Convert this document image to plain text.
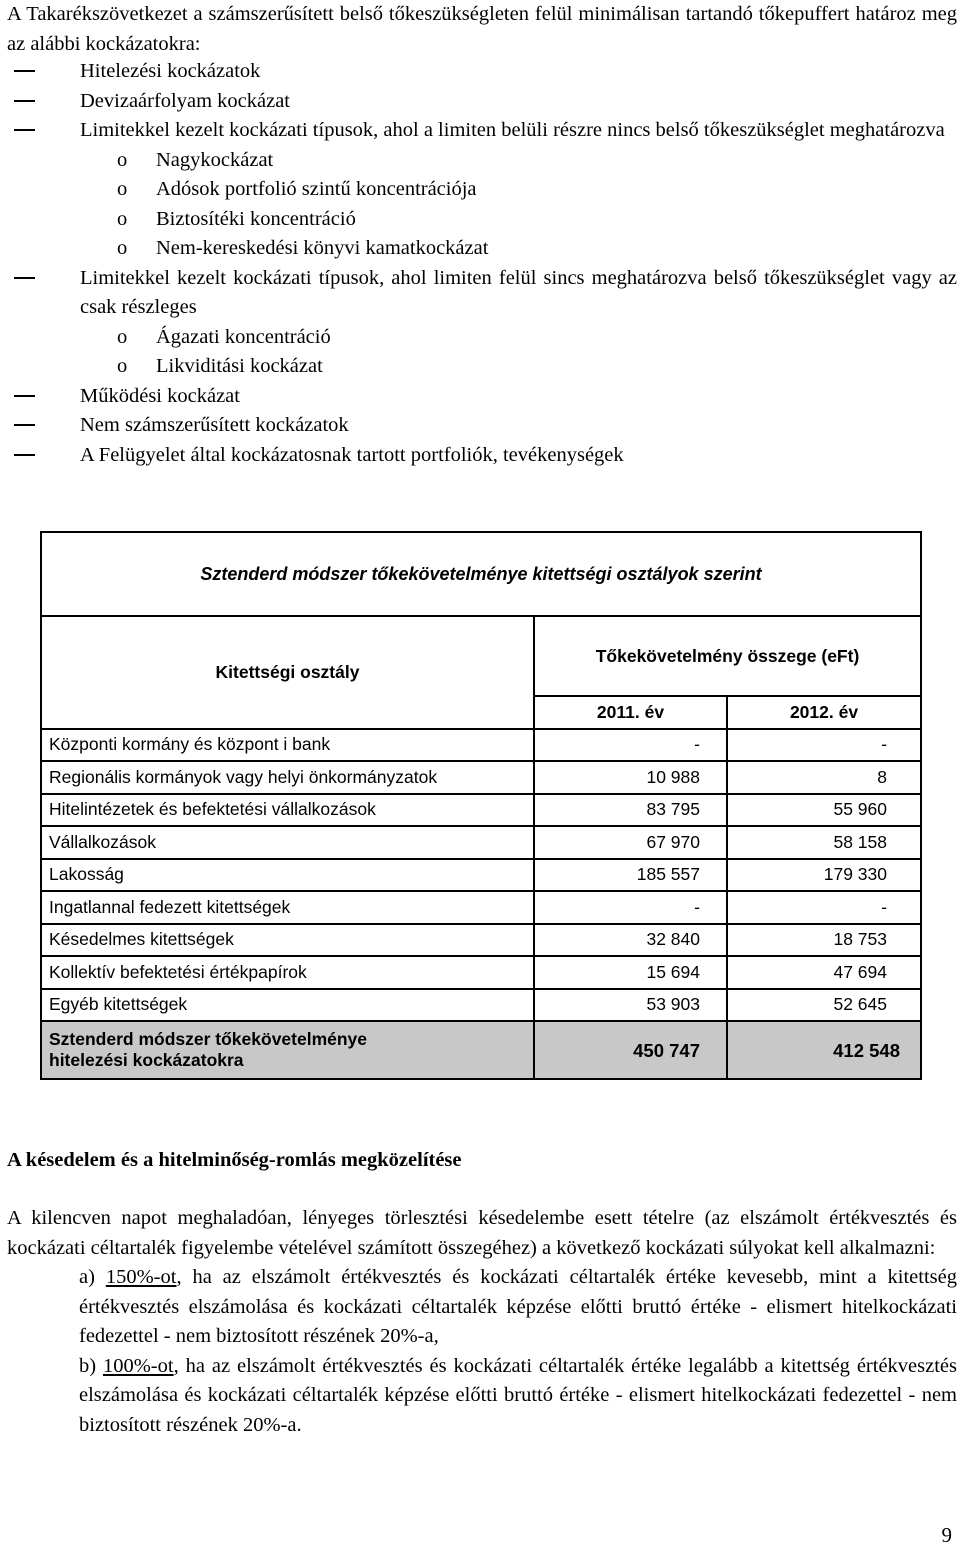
A Takarékszövetkezet a számszerűsített belső tőkeszükségleten felül minimálisan tartandó tőkepuffert határoz meg az alábbi kockázatokra:
Hitelezési kockázatok
Devizaárfolyam kockázat
Limitekkel kezelt kockázati típusok, ahol a limiten belüli részre nincs belső tőkeszükséglet meghatározva
o Nagykockázat
o Adósok portfolió szintű koncentrációja
o Biztosítéki koncentráció
o Nem-kereskedési könyvi kamatkockázat
Limitekkel kezelt kockázati típusok, ahol limiten felül sincs meghatározva belső tőkeszükséglet vagy az csak részleges
o Ágazati koncentráció
o Likviditási kockázat
Működési kockázat
Nem számszerűsített kockázatok
A Felügyelet által kockázatosnak tartott portfoliók, tevékenységek
Sztenderd módszer tőkekövetelménye kitettségi osztályok szerint		
Kitettségi osztály	Tőkekövetelmény összege (eFt)	
	2011. év	2012. év
Központi kormány és központ i bank	-	-
Regionális kormányok vagy helyi önkormányzatok	10 988	8
Hitelintézetek és befektetési vállalkozások	83 795	55 960
Vállalkozások	67 970	58 158
Lakosság	185 557	179 330
Ingatlannal fedezett kitettségek	-	-
Késedelmes kitettségek	32 840	18 753
Kollektív befektetési értékpapírok	15 694	47 694
Egyéb kitettségek	53 903	52 645
Sztenderd módszer tőkekövetelménye
hitelezési kockázatokra	450 747	412 548
A késedelem és a hitelminőség-romlás megközelítése
A kilencven napot meghaladóan, lényeges törlesztési késedelembe esett tételre (az elszámolt értékvesztés és kockázati céltartalék figyelembe vételével számított összegéhez) a következő kockázati súlyokat kell alkalmazni:
a) 150%-ot, ha az elszámolt értékvesztés és kockázati céltartalék értéke kevesebb, mint a kitettség értékvesztés elszámolása és kockázati céltartalék képzése előtti bruttó értéke - elismert hitelkockázati fedezettel - nem biztosított részének 20%-a,
b) 100%-ot, ha az elszámolt értékvesztés és kockázati céltartalék értéke legalább a kitettség értékvesztés elszámolása és kockázati céltartalék képzése előtti bruttó értéke - elismert hitelkockázati fedezettel - nem biztosított részének 20%-a.
9
